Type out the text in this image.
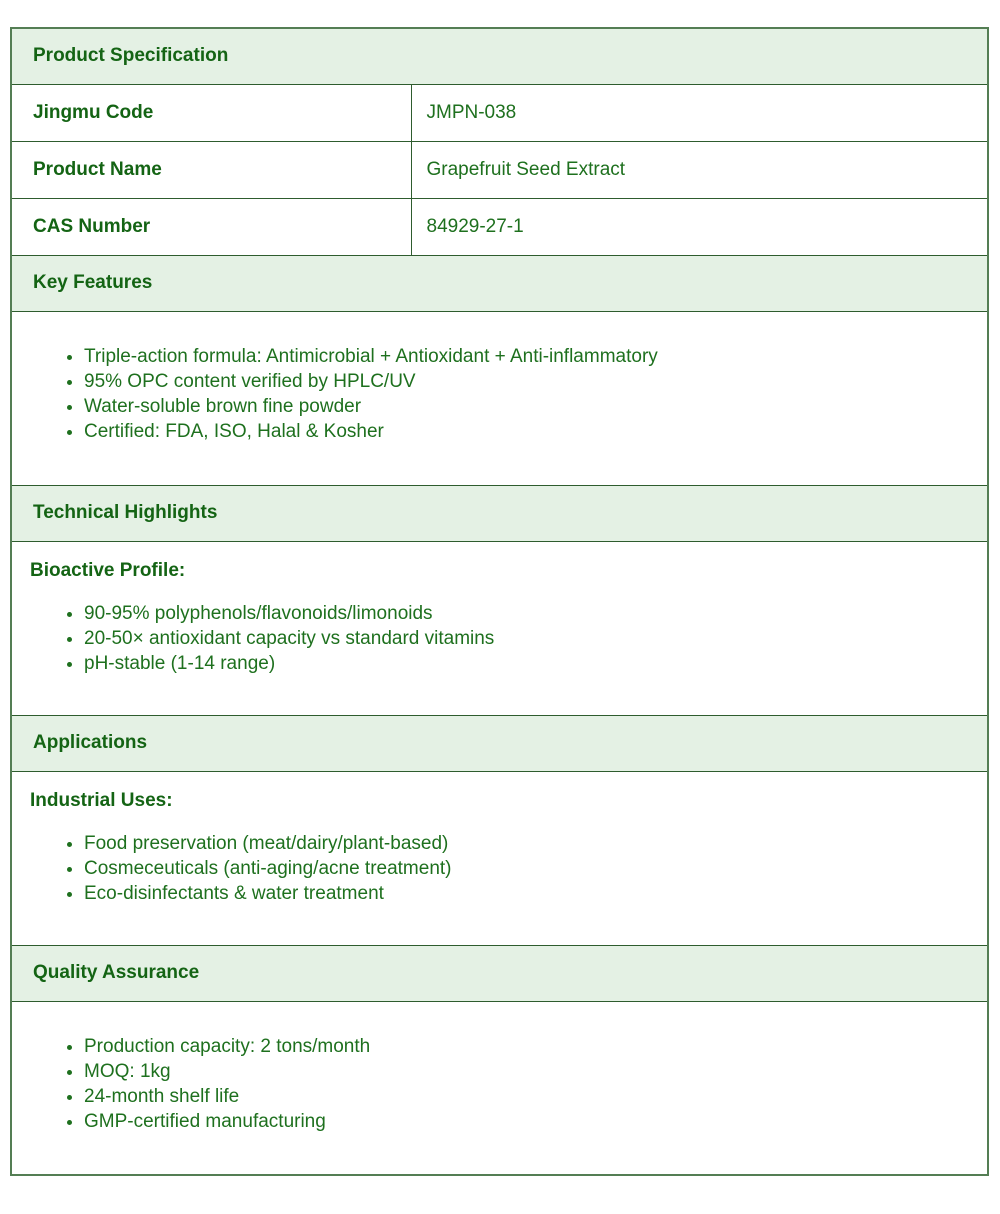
Product Specification	
Jingmu Code	JMPN-038
Product Name	Grapefruit Seed Extract
CAS Number	84929-27-1
Key Features	

• Triple-action formula: Antimicrobial + Antioxidant + Anti-inflammatory
• 95% OPC content verified by HPLC/UV
• Water-soluble brown fine powder
• Certified: FDA, ISO, Halal & Kosher

Technical Highlights	

Bioactive Profile:

• 90-95% polyphenols/flavonoids/limonoids
• 20-50× antioxidant capacity vs standard vitamins
• pH-stable (1-14 range)

Applications	

Industrial Uses:

• Food preservation (meat/dairy/plant-based)
• Cosmeceuticals (anti-aging/acne treatment)
• Eco-disinfectants & water treatment

Quality Assurance	

• Production capacity: 2 tons/month
• MOQ: 1kg
• 24-month shelf life
• GMP-certified manufacturing
